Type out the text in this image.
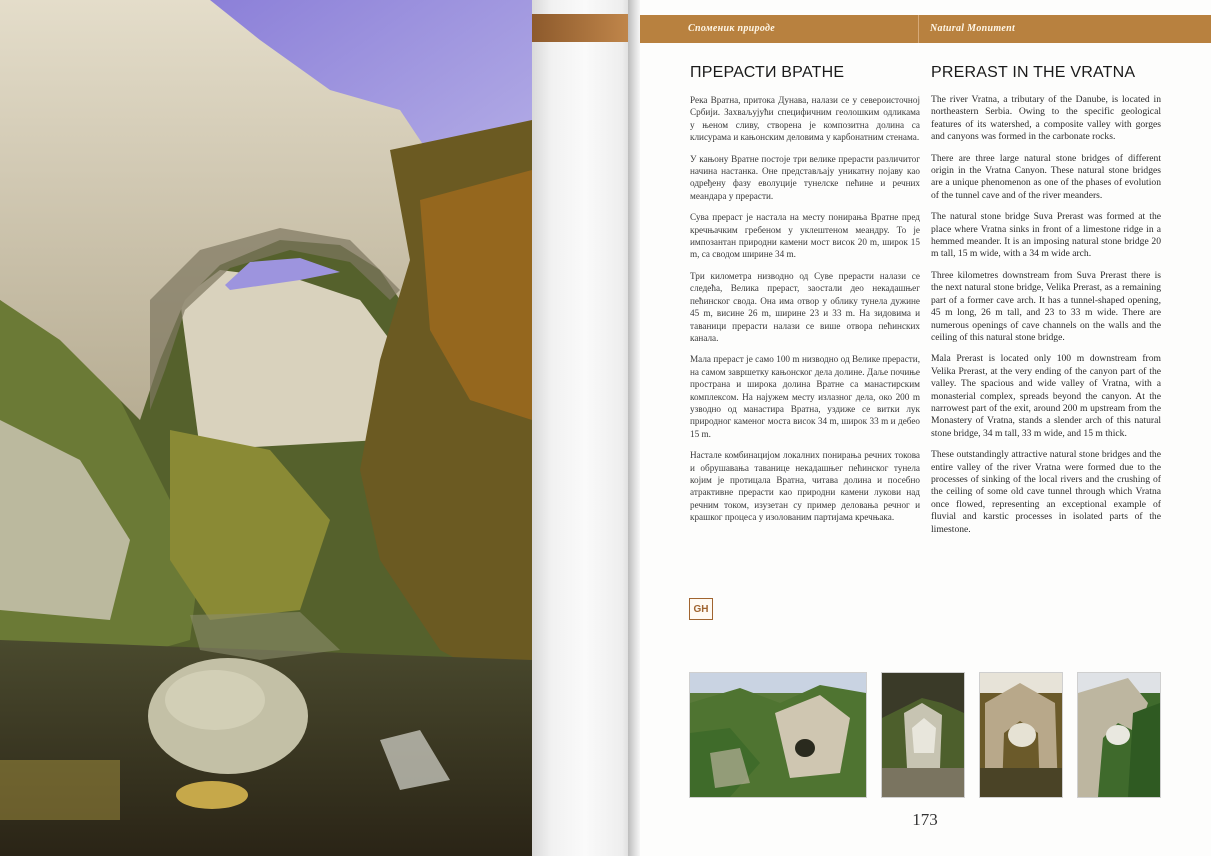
Споменик природе	Natural Monument
ПРЕРАСТИ ВРАТНЕ

Река Вратна, притока Дунава, налази се у североисточној Србији. Захваљујући специфичним геолошким одликама у њеном сливу, створена је композитна долина са клисурама и кањонским деловима у карбонатним стенама.

У кањону Вратне постоје три велике прерасти различитог начина настанка. Оне представљају уникатну појаву као одређену фазу еволуције тунелске пећине и речних меандара у прерасти.

Сува прераст је настала на месту понирања Вратне пред кречњачким гребеном у уклештеном меандру. То је импозантан природни камени мост висок 20 m, широк 15 m, са сводом ширине 34 m.

Три километра низводно од Суве прерасти налази се следећа, Велика прераст, заостали део некадашњег пећинског свода. Она има отвор у облику тунела дужине 45 m, висине 26 m, ширине 23 и 33 m. На зидовима и таваници прерасти налази се више отвора пећинских канала.

Мала прераст је само 100 m низводно од Велике прерасти, на самом завршетку кањонског дела долине. Даље почиње пространа и широка долина Вратне са манастирским комплексом. На најужем месту излазног дела, око 200 m узводно од манастира Вратна, уздиже се витки лук природног каменог моста висок 34 m, широк 33 m и дебео 15 m.

Настале комбинацијом локалних понирања речних токова и обрушавања таванице некадашњег пећинског тунела којим је протицала Вратна, читава долина и посебно атрактивне прерасти као природни камени лукови над речним током, изузетан су пример деловања речног и крашког процеса у изолованим партијама кречњака.

PRERAST IN THE VRATNA

The river Vratna, a tributary of the Danube, is located in northeastern Serbia. Owing to the specific geological features of its watershed, a composite valley with gorges and canyons was formed in the carbonate rocks.

There are three large natural stone bridges of different origin in the Vratna Canyon. These natural stone bridges are a unique phenomenon as one of the phases of evolution of the tunnel cave and of the river meanders.

The natural stone bridge Suva Prerast was formed at the place where Vratna sinks in front of a limestone ridge in a hemmed meander. It is an imposing natural stone bridge 20 m tall, 15 m wide, with a 34 m wide arch.

Three kilometres downstream from Suva Prerast there is the next natural stone bridge, Velika Prerast, as a remaining part of a former cave arch. It has a tunnel-shaped opening, 45 m long, 26 m tall, and 23 to 33 m wide. There are numerous openings of cave channels on the walls and the ceiling of this natural stone bridge.

Mala Prerast is located only 100 m downstream from Velika Prerast, at the very ending of the canyon part of the valley. The spacious and wide valley of Vratna, with a monasterial complex, spreads beyond the canyon. At the narrowest part of the exit, around 200 m upstream from the Monastery of Vratna, stands a slender arch of this natural stone bridge, 34 m tall, 33 m wide, and 15 m thick.

These outstandingly attractive natural stone bridges and the entire valley of the river Vratna were formed due to the processes of sinking of the local rivers and the crushing of the ceiling of some old cave tunnel through which Vratna once flowed, representing an exceptional example of fluvial and karstic processes in isolated parts of the limestone.

GH
173
